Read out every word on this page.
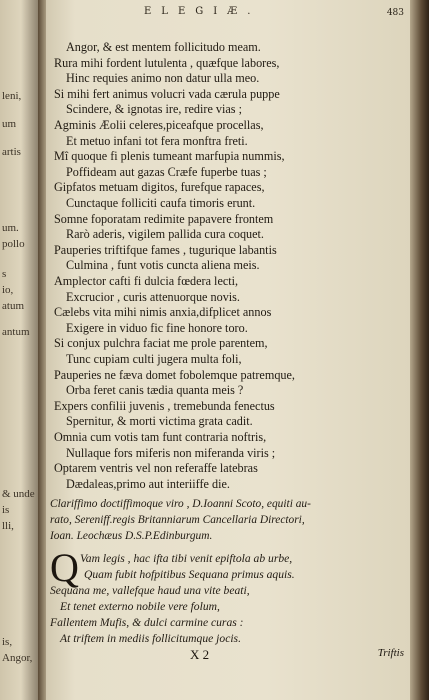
leni,
um
artis
um.
pollo
s
io,
atum
antum
& unde
is
lli,
is,
Angor,
ELEGIÆ.	483
Angor, & est mentem follicitudo meam.
Rura mihi fordent lutulenta , quæfque labores,
Hinc requies animo non datur ulla meo.
Si mihi fert animus volucri vada cærula puppe
Scindere, & ignotas ire, redire vias ;
Agminis Æolii celeres,piceafque procellas,
Et metuo infani tot fera monftra freti.
Mî quoque fi plenis tumeant marfupia nummis,
Poffideam aut gazas Cræfe fuperbe tuas ;
Gipfatos metuam digitos, furefque rapaces,
Cunctaque folliciti caufa timoris erunt.
Somne foporatam redimite papavere frontem
Rarò aderis, vigilem pallida cura coquet.
Pauperies triftifque fames , tugurique labantis
Culmina , funt votis cuncta aliena meis.
Amplector cafti fi dulcia fœdera lecti,
Excrucior , curis attenuorque novis.
Cælebs vita mihi nimis anxia,difplicet annos
Exigere in viduo fic fine honore toro.
Si conjux pulchra faciat me prole parentem,
Tunc cupiam culti jugera multa foli,
Pauperies ne fæva domet fobolemque patremque,
Orba feret canis tædia quanta meis ?
Expers confilii juvenis , tremebunda fenectus
Spernitur, & morti victima grata cadit.
Omnia cum votis tam funt contraria noftris,
Nullaque fors miferis non miferanda viris ;
Optarem ventris vel non referaffe latebras
Dædaleas,primo aut interiiffe die.
Clariffimo doctiffimoque viro , D.Ioanni Scoto, equiti au-
rato, Sereniff.regis Britanniarum Cancellaria Directori,
Ioan. Leochæus D.S.P.Edinburgum.
Q Vam legis , hac ifta tibi venit epiftola ab urbe,
Quam fubit hofpitibus Sequana primus aquis.
Sequana me, vallefque haud una vite beati,
Et tenet externo nobile vere folum,
Fallentem Mufis, & dulci carmine curas :
At triftem in mediis follicitumque jocis.
X 2	Triftis
